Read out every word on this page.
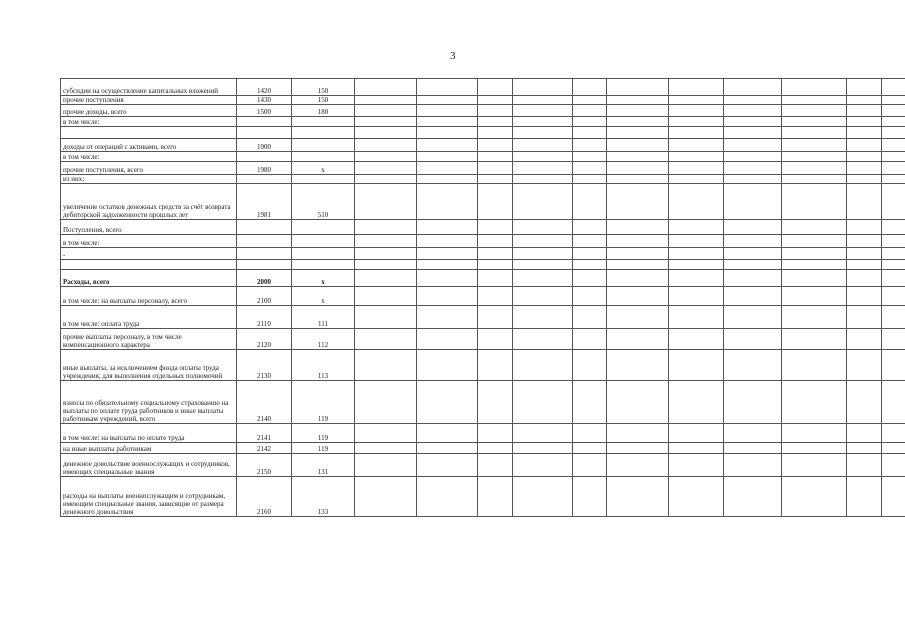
3
субсидии на осуществление капитальных вложений	1420	150											
прочие поступления	1430	150											
прочие доходы, всего	1500	180											
в том числе:													

доходы от операций с активами, всего	1900												
в том числе:													
прочие поступления, всего	1980	х											
из них:													
увеличение остатков денежных средств за счёт возврата дебиторской задолженности прошлых лет	1981	510											
Поступления, всего													
в том числе:													
-													

Расходы, всего	2000	х											
в том числе: на выплаты персоналу, всего	2100	х											
в том числе: оплата труда	2110	111											
прочие выплаты персоналу, в том числе компенсационного характера	2120	112											
иные выплаты, за исключением фонда оплаты труда учреждения, для выполнения отдельных полномочий	2130	113											
взносы по обязательному социальному страхованию на выплаты по оплате труда работников и иные выплаты работникам учреждений, всего	2140	119											
в том числе: на выплаты по оплате труда	2141	119											
на иные выплаты работникам	2142	119											
денежное довольствие военнослужащих и сотрудников, имеющих специальные звания	2150	131											
расходы на выплаты военнослужащим и сотрудникам, имеющим специальные звания, зависящие от размера денежного довольствия	2160	133											
